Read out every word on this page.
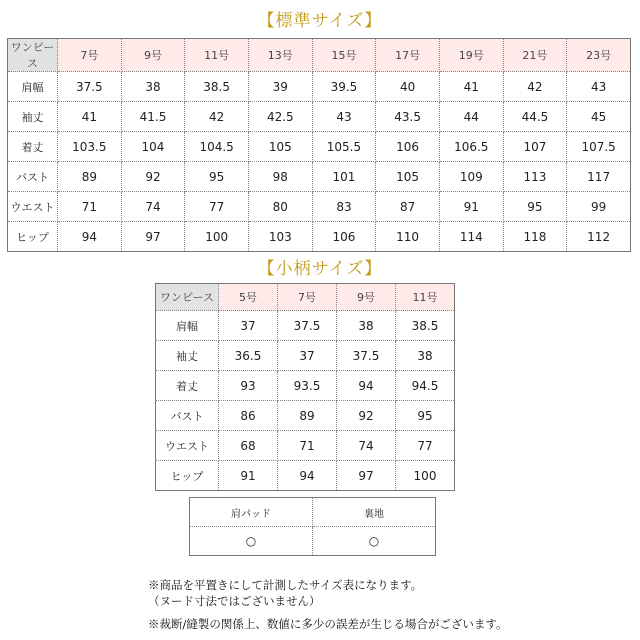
【標準サイズ】
ワンピース	7号	9号	11号	13号	15号	17号	19号	21号	23号
肩幅	37.5	38	38.5	39	39.5	40	41	42	43
袖丈	41	41.5	42	42.5	43	43.5	44	44.5	45
着丈	103.5	104	104.5	105	105.5	106	106.5	107	107.5
バスト	89	92	95	98	101	105	109	113	117
ウエスト	71	74	77	80	83	87	91	95	99
ヒップ	94	97	100	103	106	110	114	118	112
【小柄サイズ】
ワンピース	5号	7号	9号	11号
肩幅	37	37.5	38	38.5
袖丈	36.5	37	37.5	38
着丈	93	93.5	94	94.5
バスト	86	89	92	95
ウエスト	68	71	74	77
ヒップ	91	94	97	100
肩パッド	裏地
○	○
※商品を平置きにして計測したサイズ表になります。
（ヌード寸法ではございません）
※裁断/縫製の関係上、数値に多少の誤差が生じる場合がございます。
